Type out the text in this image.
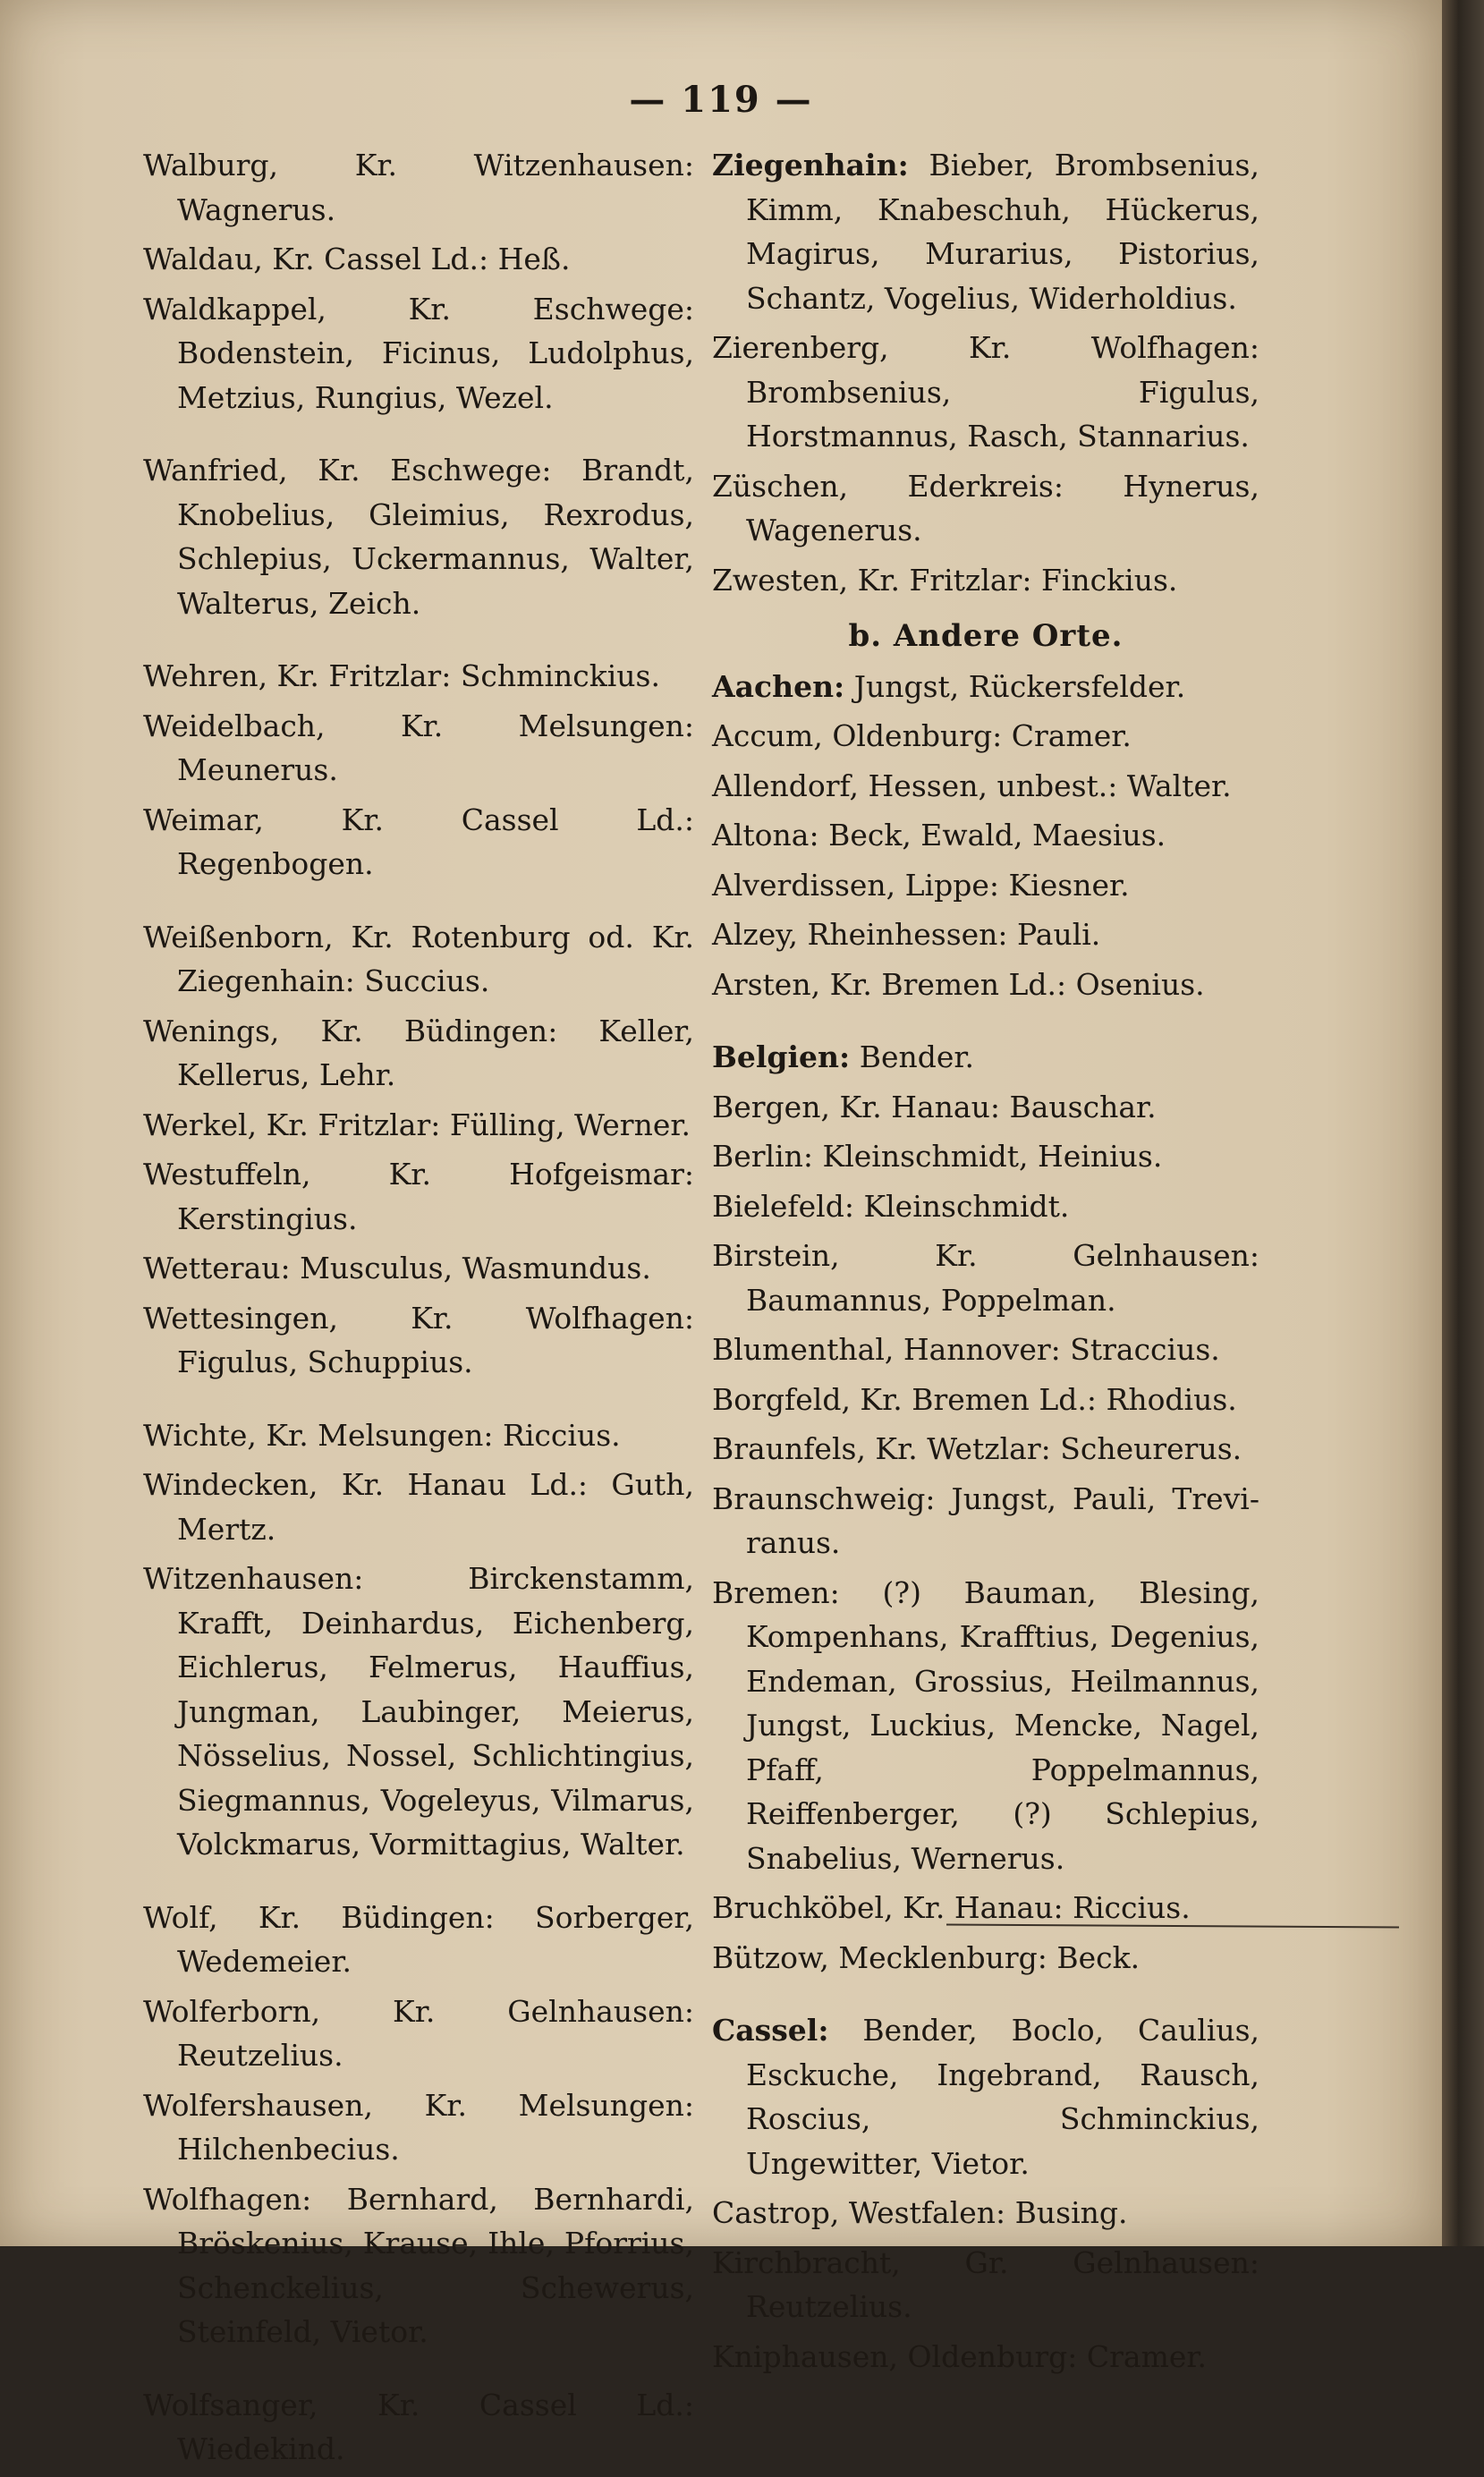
— 119 —

Walburg, Kr. Witzenhausen: Wagnerus.

Waldau, Kr. Cassel Ld.: Heß.

Waldkappel, Kr. Eschwege: Bodenstein, Ficinus, Ludolphus, Metzius, Rungius, Wezel.

Wanfried, Kr. Eschwege: Brandt, Knobelius, Gleimius, Rexrodus, Schlepius, Uckermannus, Walter, Walterus, Zeich.

Wehren, Kr. Fritzlar: Schminckius.

Weidelbach, Kr. Melsungen: Meunerus.

Weimar, Kr. Cassel Ld.: Regenbogen.

Weißenborn, Kr. Rotenburg od. Kr. Ziegenhain: Succius.

Wenings, Kr. Büdingen: Keller, Kellerus, Lehr.

Werkel, Kr. Fritzlar: Fülling, Werner.

Westuffeln, Kr. Hofgeismar: Kerstingius.

Wetterau: Musculus, Wasmundus.

Wettesingen, Kr. Wolfhagen: Figulus, Schuppius.

Wichte, Kr. Melsungen: Riccius.

Windecken, Kr. Hanau Ld.: Guth, Mertz.

Witzenhausen:	Birckenstamm, Krafft, Deinhardus, Eichenberg, Eichlerus, Felmerus, Hauffius, Jungman, Laubinger, Meierus, Nösselius, Nossel, Schlichtingius, Siegmannus, Vogeleyus, Vilmarus, Volckmarus, Vormittagius, Walter.

Wolf, Kr. Büdingen: Sorberger, Wedemeier.

Wolferborn, Kr. Gelnhausen: Reutzelius.

Wolfershausen, Kr. Melsungen: Hilchenbecius.

Wolfhagen: Bernhard, Bernhardi, Bröskenius, Krause, Ihle, Pforrius, Schenckelius, Schewerus, Steinfeld, Vietor.

Wolfsanger, Kr. Cassel Ld.: Wiedekind.

Ziegenhain: Bieber, Brombsenius, Kimm, Knabeschuh, Hückerus, Magirus, Murarius, Pistorius, Schantz, Vogelius, Widerholdius.

Zierenberg, Kr. Wolfhagen: Brombsenius, Figulus, Horstmannus, Rasch, Stannarius.

Züschen, Ederkreis: Hynerus, Wagenerus.

Zwesten, Kr. Fritzlar: Finckius.

b. Andere Orte.

Aachen: Jungst, Rückersfelder.

Accum, Oldenburg: Cramer.

Allendorf, Hessen, unbest.: Walter.

Altona: Beck, Ewald, Maesius.

Alverdissen, Lippe: Kiesner.

Alzey, Rheinhessen: Pauli.

Arsten, Kr. Bremen Ld.: Osenius.

Belgien: Bender.

Bergen, Kr. Hanau: Bauschar.

Berlin: Kleinschmidt, Heinius.

Bielefeld: Kleinschmidt.

Birstein, Kr. Gelnhausen: Baumannus, Poppelman.

Blumenthal, Hannover: Straccius.

Borgfeld, Kr. Bremen Ld.: Rhodius.

Braunfels, Kr. Wetzlar: Scheurerus.

Braunschweig: Jungst, Pauli, Treviranus.

Bremen: (?) Bauman, Blesing, Kompenhans, Krafftius, Degenius, Endeman, Grossius, Heilmannus, Jungst, Luckius, Mencke, Nagel, Pfaff, Poppelmannus, Reiffenberger, (?) Schlepius, Snabelius, Wernerus.

Bruchköbel, Kr. Hanau: Riccius.

Bützow, Mecklenburg: Beck.

Cassel: Bender, Boclo, Caulius, Esckuche, Ingebrand, Rausch, Roscius, Schminckius, Ungewitter, Vietor.

Castrop, Westfalen: Busing.

Kirchbracht, Gr. Gelnhausen: Reutzelius.

Kniphausen, Oldenburg: Cramer.
